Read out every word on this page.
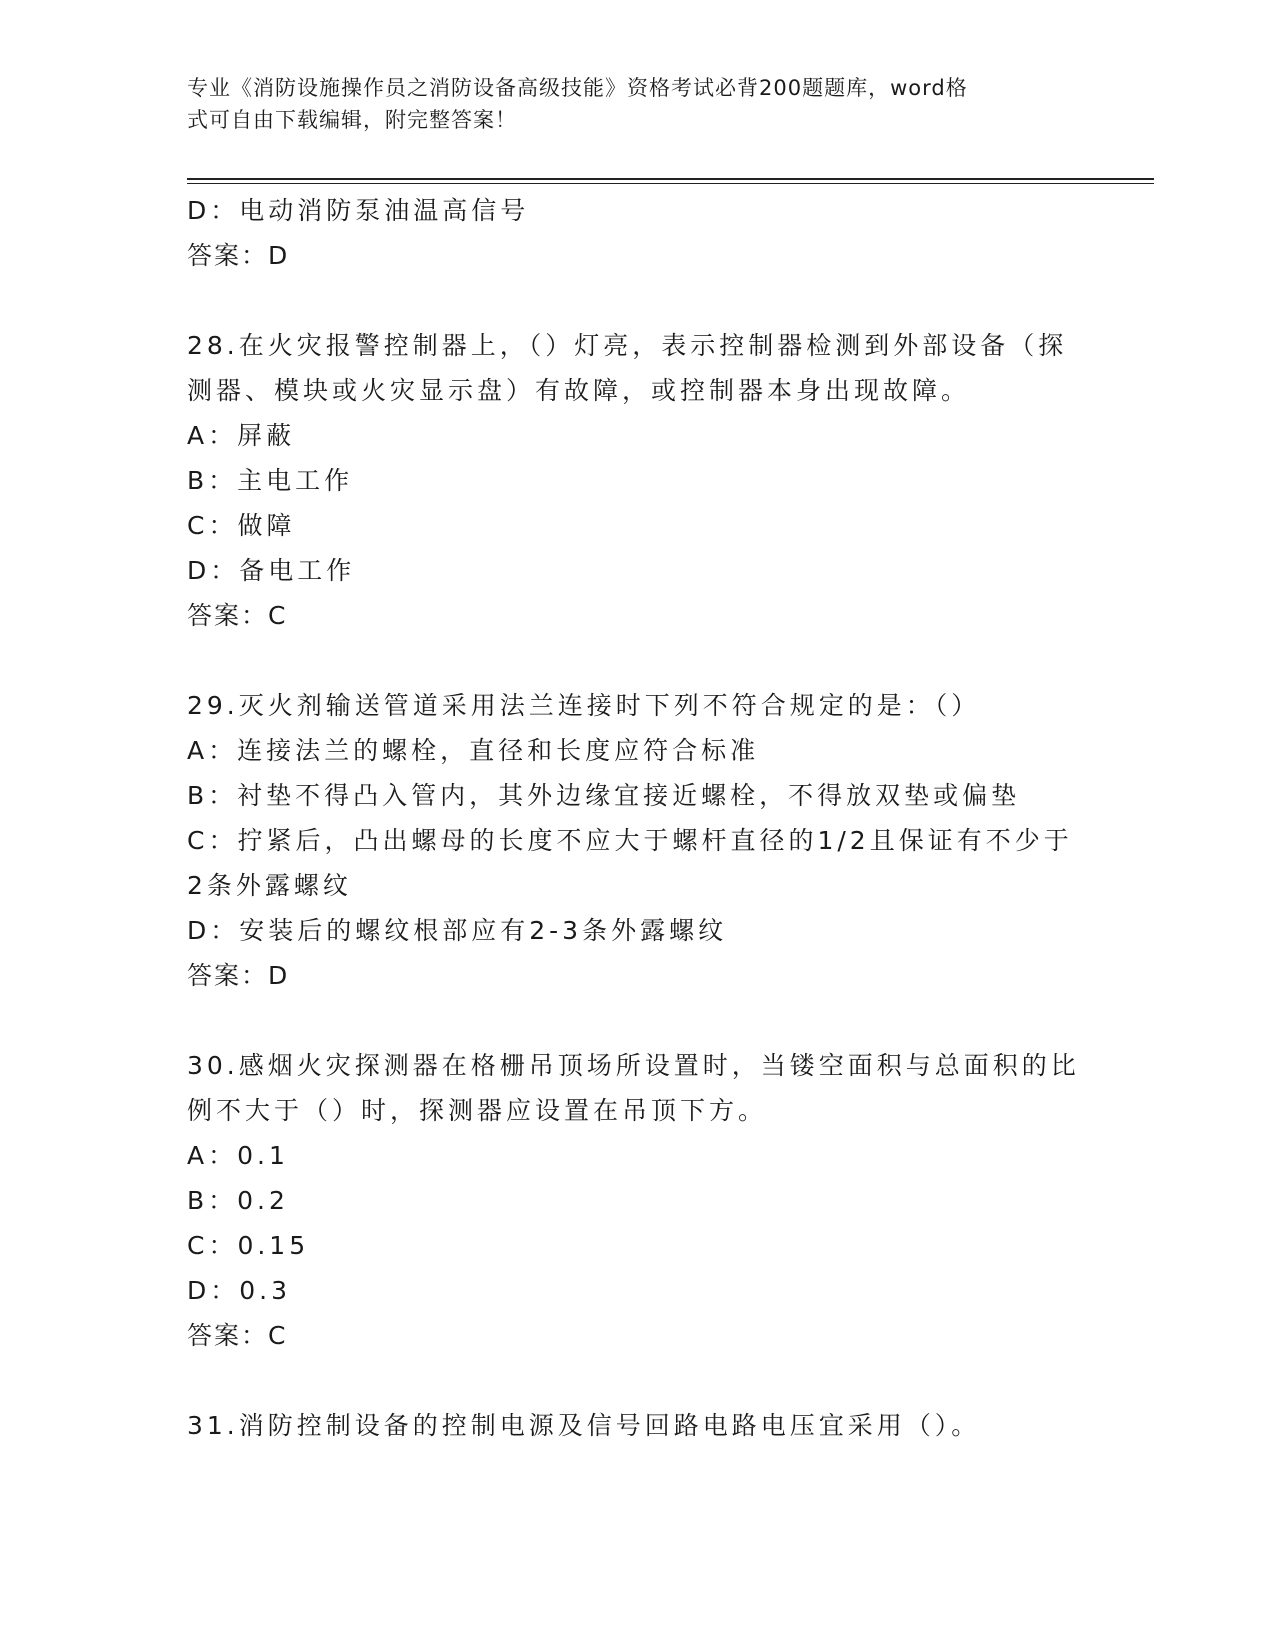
专业《消防设施操作员之消防设备高级技能》资格考试必背200题题库，word格
式可自由下载编辑，附完整答案！
D：电动消防泵油温高信号
答案：D
28.在火灾报警控制器上，（）灯亮，表示控制器检测到外部设备（探
测器、模块或火灾显示盘）有故障，或控制器本身出现故障。
A：屏蔽
B：主电工作
C：做障
D：备电工作
答案：C
29.灭火剂输送管道采用法兰连接时下列不符合规定的是：（）
A：连接法兰的螺栓，直径和长度应符合标准
B：衬垫不得凸入管内，其外边缘宜接近螺栓，不得放双垫或偏垫
C：拧紧后，凸出螺母的长度不应大于螺杆直径的1/2且保证有不少于
2条外露螺纹
D：安装后的螺纹根部应有2-3条外露螺纹
答案：D
30.感烟火灾探测器在格栅吊顶场所设置时，当镂空面积与总面积的比
例不大于（）时，探测器应设置在吊顶下方。
A：0.1
B：0.2
C：0.15
D：0.3
答案：C
31.消防控制设备的控制电源及信号回路电路电压宜采用（）。
